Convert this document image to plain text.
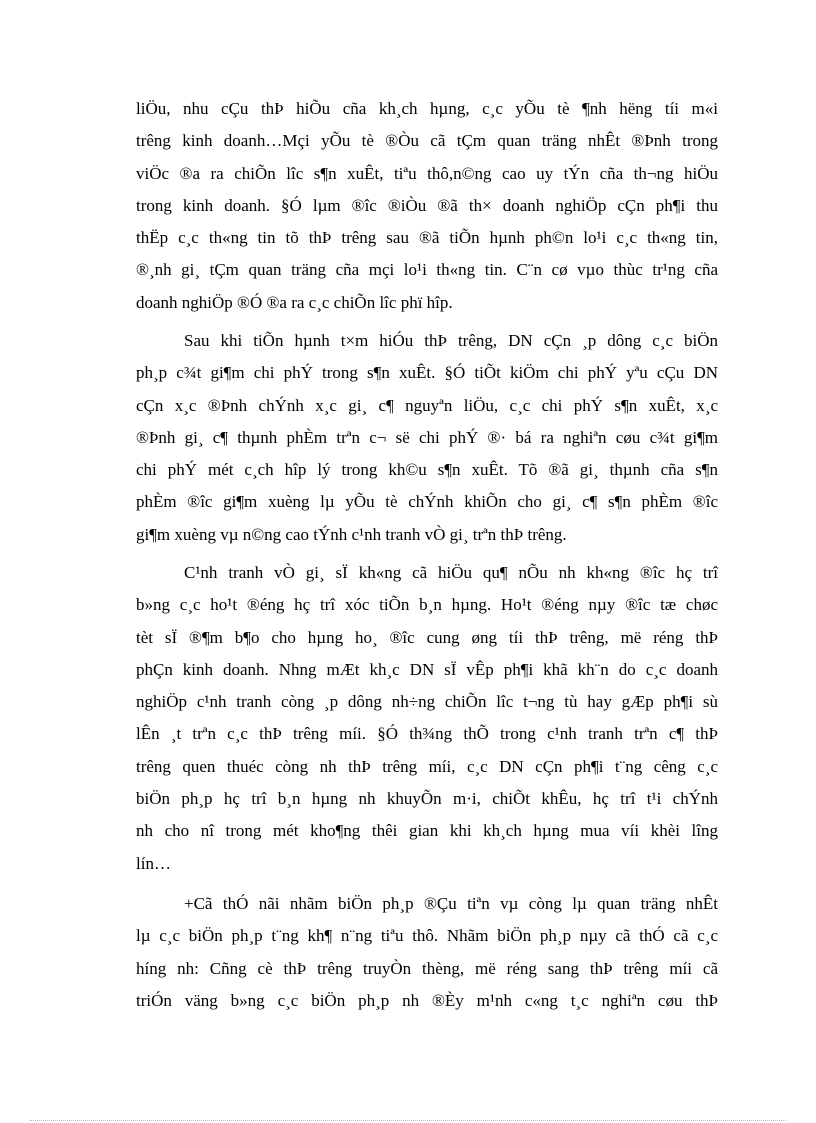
liÖu, nhu cÇu thÞ hiÕu cña kh¸ch hµng, c¸c yÕu tè ¶nh hëng tíi m«i
trêng kinh doanh…Mçi yÕu tè ®Òu cã tÇm quan träng nhÊt ®Þnh trong
viÖc ®a ra chiÕn lîc s¶n xuÊt, tiªu thô,n©ng cao uy tÝn cña th¬ng hiÖu
trong kinh doanh. §Ó lµm ®îc ®iÒu ®ã th× doanh nghiÖp cÇn ph¶i thu
thËp c¸c th«ng tin tõ thÞ trêng sau ®ã tiÕn hµnh ph©n lo¹i c¸c th«ng tin,
®¸nh gi¸ tÇm quan träng cña mçi lo¹i th«ng tin. C¨n cø vµo thùc tr¹ng cña
doanh nghiÖp ®Ó ®a ra c¸c chiÕn lîc phï hîp.
Sau khi tiÕn hµnh t×m hiÓu thÞ trêng, DN cÇn ¸p dông c¸c biÖn
ph¸p c¾t gi¶m chi phÝ trong s¶n xuÊt. §Ó tiÕt kiÖm chi phÝ yªu cÇu DN
cÇn x¸c ®Þnh chÝnh x¸c gi¸ c¶ nguyªn liÖu, c¸c chi phÝ s¶n xuÊt, x¸c
®Þnh gi¸ c¶ thµnh phÈm trªn c¬ së chi phÝ ®· bá ra nghiªn cøu c¾t gi¶m
chi phÝ mét c¸ch hîp lý trong kh©u s¶n xuÊt. Tõ ®ã gi¸ thµnh cña s¶n
phÈm ®îc gi¶m xuèng lµ yÕu tè chÝnh khiÕn cho gi¸ c¶ s¶n phÈm ®îc
gi¶m xuèng vµ n©ng cao tÝnh c¹nh tranh vÒ gi¸ trªn thÞ trêng.
C¹nh tranh vÒ gi¸ sÏ kh«ng cã hiÖu qu¶ nÕu nh kh«ng ®îc hç trî
b»ng c¸c ho¹t ®éng hç trî xóc tiÕn b¸n hµng. Ho¹t ®éng nµy ®îc tæ chøc
tèt sÏ ®¶m b¶o cho hµng ho¸ ®îc cung øng tíi thÞ trêng, më réng thÞ
phÇn kinh doanh. Nhng mÆt kh¸c DN sÏ vÊp ph¶i khã kh¨n do c¸c doanh
nghiÖp c¹nh tranh còng ¸p dông nh÷ng chiÕn lîc t¬ng tù hay gÆp ph¶i sù
lÊn ¸t trªn c¸c thÞ trêng míi. §Ó th¾ng thÕ trong c¹nh tranh trªn c¶ thÞ
trêng quen thuéc còng nh thÞ trêng míi, c¸c DN cÇn ph¶i t¨ng cêng c¸c
biÖn ph¸p hç trî b¸n hµng nh khuyÕn m·i, chiÕt khÊu, hç trî t¹i chÝnh
nh cho nî trong mét kho¶ng thêi gian khi kh¸ch hµng mua víi khèi lîng
lín…
+Cã thÓ nãi nhãm biÖn ph¸p ®Çu tiªn vµ còng lµ quan träng nhÊt
lµ c¸c biÖn ph¸p t¨ng kh¶ n¨ng tiªu thô. Nhãm biÖn ph¸p nµy cã thÓ cã c¸c
híng nh: Cñng cè thÞ trêng truyÒn thèng, më réng sang thÞ trêng míi cã
triÓn väng b»ng c¸c biÖn ph¸p nh ®Èy m¹nh c«ng t¸c nghiªn cøu thÞ
